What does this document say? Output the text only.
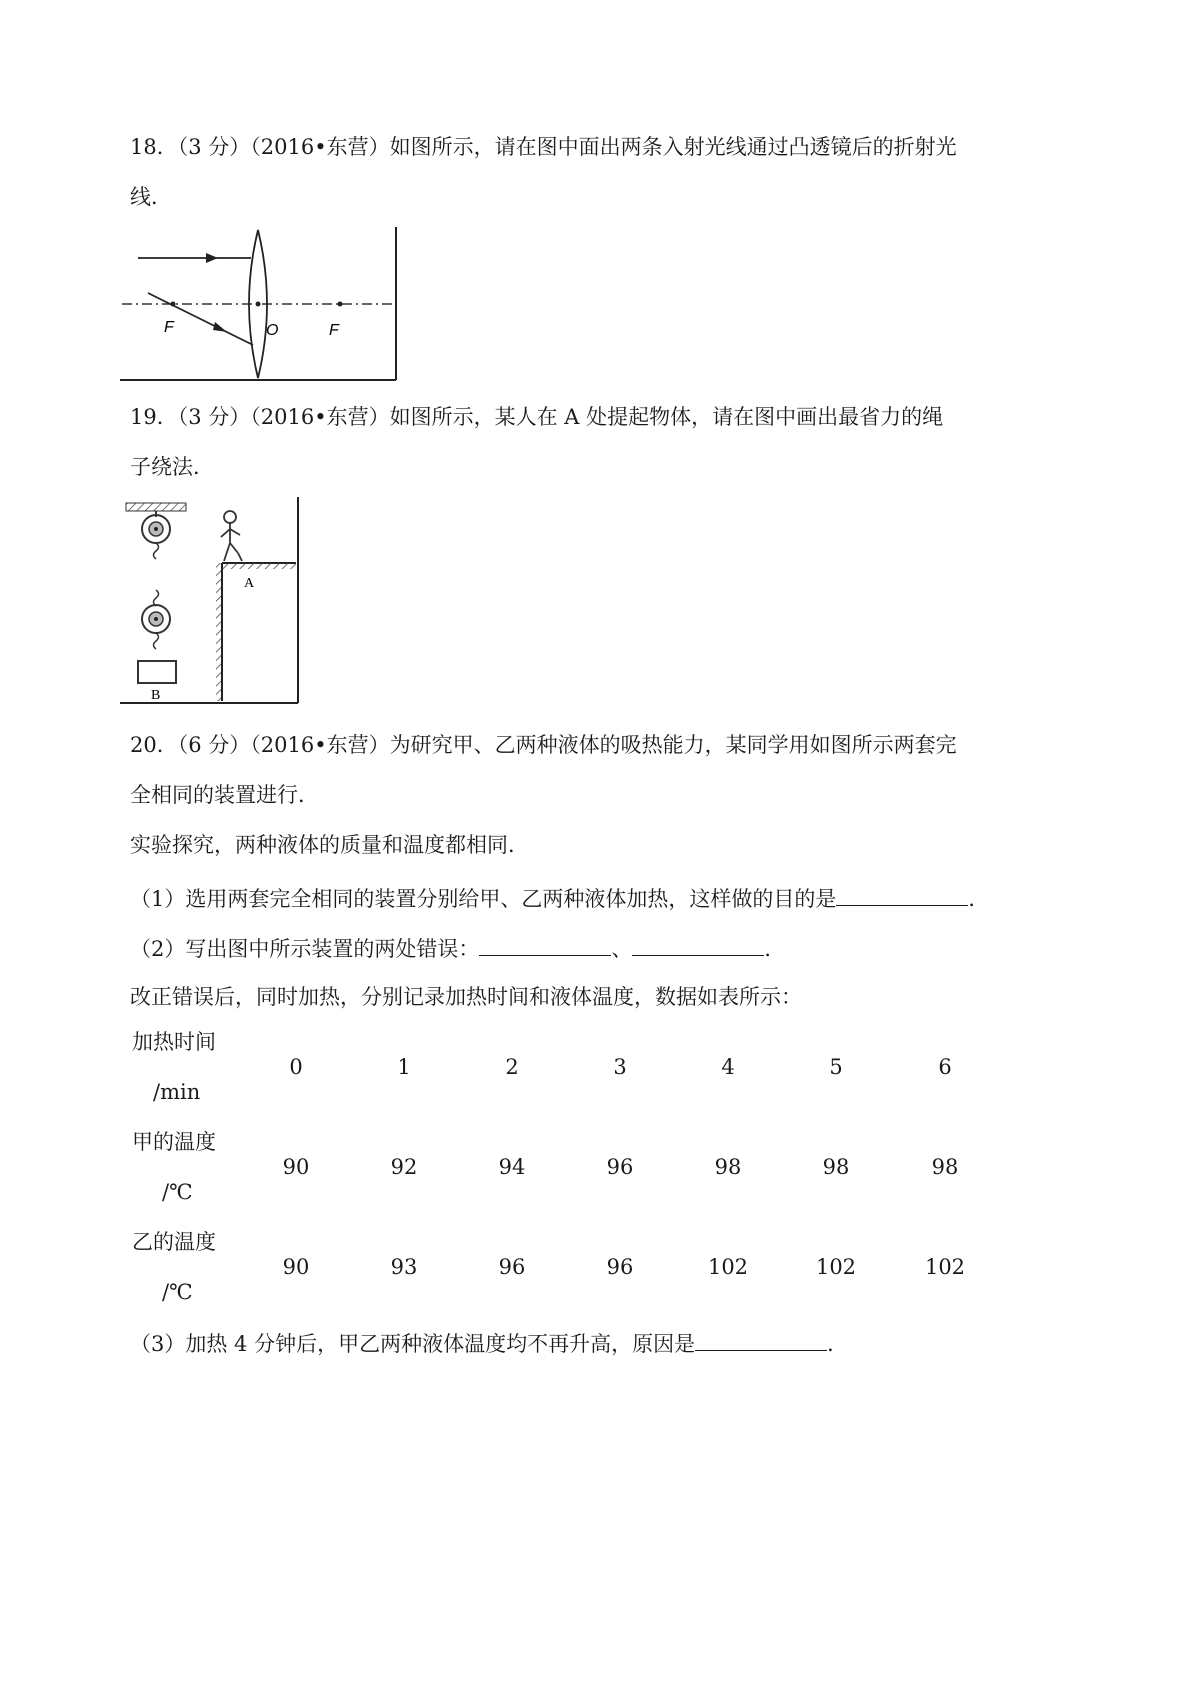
18．（3 分）（2016•东营）如图所示，请在图中面出两条入射光线通过凸透镜后的折射光
线．
F	O	F
19．（3 分）（2016•东营）如图所示，某人在 A 处提起物体，请在图中画出最省力的绳
子绕法．
B
A
20．（6 分）（2016•东营）为研究甲、乙两种液体的吸热能力，某同学用如图所示两套完
全相同的装置进行．
实验探究，两种液体的质量和温度都相同．
（1）选用两套完全相同的装置分别给甲、乙两种液体加热，这样做的目的是	．
（2）写出图中所示装置的两处错误：	、	．
改正错误后，同时加热，分别记录加热时间和液体温度，数据如表所示：
加热时间
/min
0	1	2	3	4	5	6
甲的温度
/℃
90	92	94	96	98	98	98
乙的温度
/℃
90	93	96	96	102	102	102
（3）加热 4 分钟后，甲乙两种液体温度均不再升高，原因是	．
